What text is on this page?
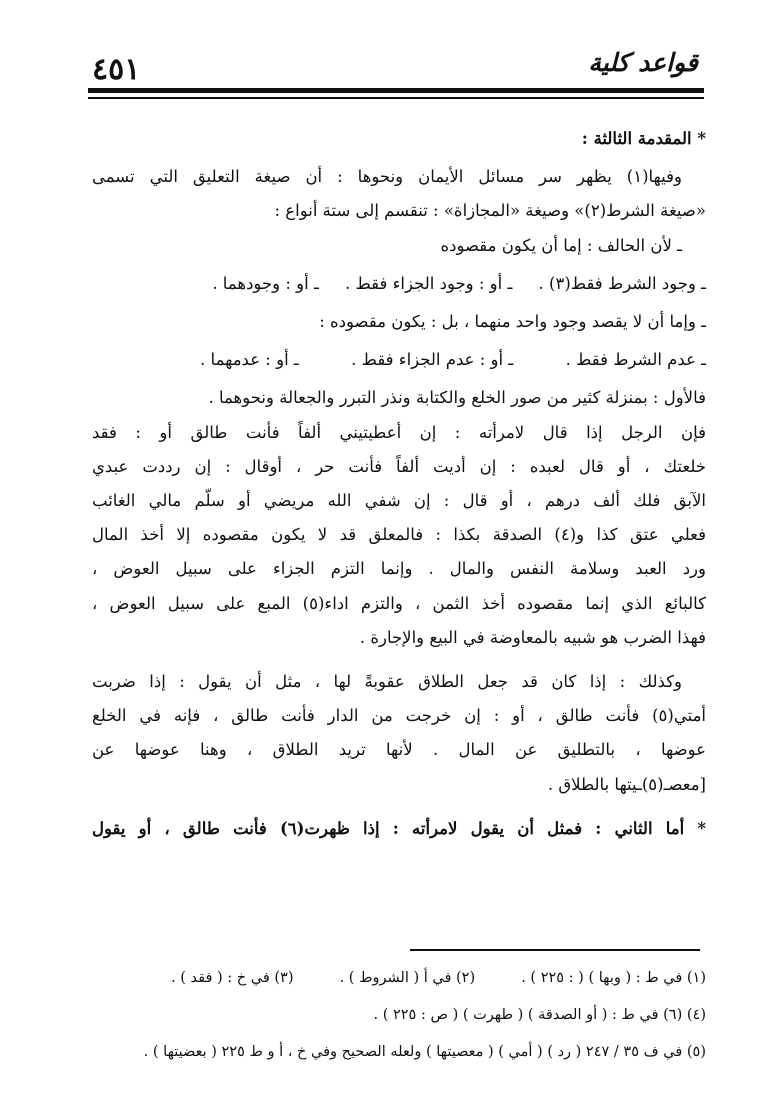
٤٥١	قواعد كلية

* المقدمة الثالثة :

وفيها(١) يظهر سر مسائل الأيمان ونحوها : أن صيغة التعليق التي تسمى

«صيغة الشرط(٢)» وصيغة «المجازاة» : تنقسم إلى ستة أنواع :

ـ لأن الحالف : إما أن يكون مقصوده

ـ وجود الشرط فقط(٣) .     ـ أو : وجود الجزاء فقط .     ـ أو : وجودهما .

ـ وإما أن لا يقصد وجود واحد منهما ، بل : يكون مقصوده :

ـ عدم الشرط فقط .          ـ أو : عدم الجزاء فقط .          ـ أو : عدمهما .

فالأول : بمنزلة كثير من صور الخلع والكتابة ونذر التبرر والجعالة ونحوهما .

فإن الرجل إذا قال لامرأته : إن أعطيتيني ألفاً فأنت طالق أو : فقد

خلعتك ، أو قال لعبده : إن أديت ألفاً فأنت حر ، أوقال : إن رددت عبدي

الآبق فلك ألف درهم ، أو قال : إن شفي الله مريضي أو سلّم مالي الغائب

فعلي عتق كذا و(٤) الصدقة بكذا : فالمعلق قد لا يكون مقصوده إلا أخذ المال

ورد العبد وسلامة النفس والمال . وإنما التزم الجزاء على سبيل العوض ،

كالبائع الذي إنما مقصوده أخذ الثمن ، والتزم اداء(٥) المبع على سبيل العوض ،

فهذا الضرب هو شبيه بالمعاوضة في البيع والإجارة .

وكذلك : إذا كان قد جعل الطلاق عقوبةً لها ، مثل أن يقول : إذا ضربت

أمتي(٥) فأنت طالق ، أو : إن خرجت من الدار فأنت طالق ، فإنه في الخلع

عوضها ، بالتطليق عن المال . لأنها تريد الطلاق ، وهنا عوضها عن

[معصـ(٥)ـيتها بالطلاق .

* أما الثاني : فمثل أن يقول لامرأته : إذا ظهرت(٦) فأنت طالق ، أو يقول

(١) في ط : ( وبها ) ( : ٢٢٥ ) .          (٢) في أ ( الشروط ) .          (٣) في خ : ( فقد ) .

(٤) (٦) في ط : ( أو الصدقة ) ( طهرت ) ( ص : ٢٢٥ ) .

(٥) في ف ٣٥ / ٢٤٧ ( رد ) ( أمي ) ( معصيتها ) ولعله الصحيح وفي خ ، أ و ط ٢٢٥ ( بعضيتها ) .
